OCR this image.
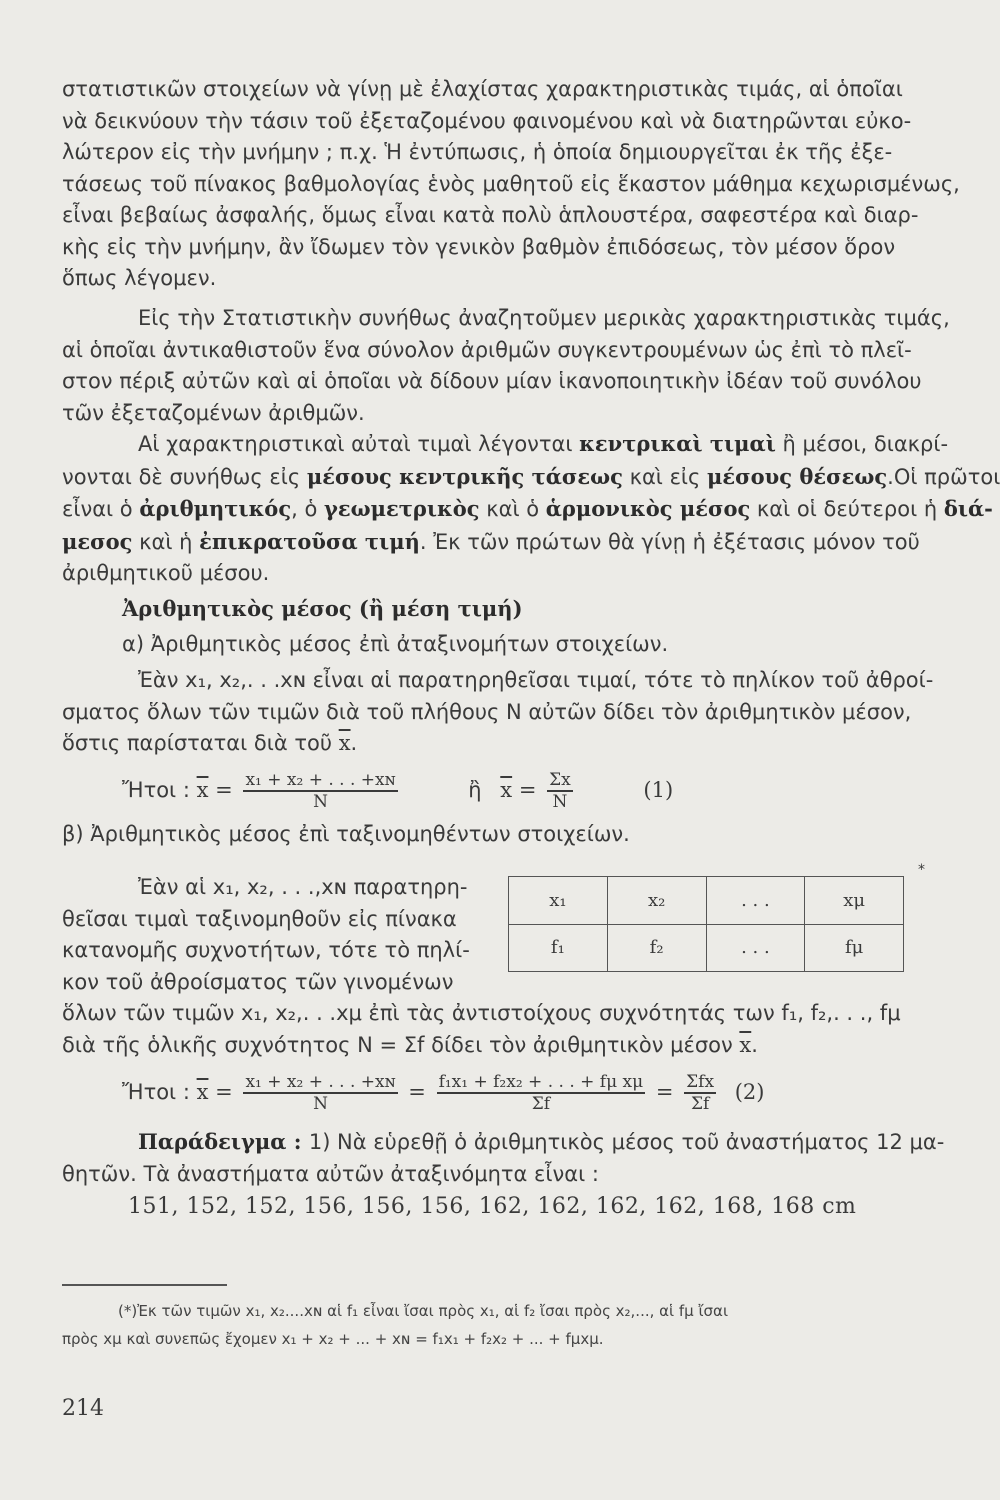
στατιστικῶν στοιχείων νὰ γίνῃ μὲ ἐλαχίστας χαρακτηριστικὰς τιμάς, αἱ ὁποῖαι
νὰ δεικνύουν τὴν τάσιν τοῦ ἐξεταζομένου φαινομένου καὶ νὰ διατηρῶνται εὐκο-
λώτερον εἰς τὴν μνήμην ; π.χ. Ἡ ἐντύπωσις, ἡ ὁποία δημιουργεῖται ἐκ τῆς ἐξε-
τάσεως τοῦ πίνακος βαθμολογίας ἑνὸς μαθητοῦ εἰς ἕκαστον μάθημα κεχωρισμένως,
εἶναι βεβαίως ἀσφαλής, ὅμως εἶναι κατὰ πολὺ ἁπλουστέρα, σαφεστέρα καὶ διαρ-
κὴς εἰς τὴν μνήμην, ἂν ἴδωμεν τὸν γενικὸν βαθμὸν ἐπιδόσεως, τὸν μέσον ὅρον
ὅπως λέγομεν.
Εἰς τὴν Στατιστικὴν συνήθως ἀναζητοῦμεν μερικὰς χαρακτηριστικὰς τιμάς,
αἱ ὁποῖαι ἀντικαθιστοῦν ἕνα σύνολον ἀριθμῶν συγκεντρουμένων ὡς ἐπὶ τὸ πλεῖ-
στον πέριξ αὐτῶν καὶ αἱ ὁποῖαι νὰ δίδουν μίαν ἱκανοποιητικὴν ἰδέαν τοῦ συνόλου
τῶν ἐξεταζομένων ἀριθμῶν.
Αἱ χαρακτηριστικαὶ αὐταὶ τιμαὶ λέγονται κεντρικαὶ τιμαὶ ἢ μέσοι, διακρί-
νονται δὲ συνήθως εἰς μέσους κεντρικῆς τάσεως καὶ εἰς μέσους θέσεως.Οἱ πρῶτοι
εἶναι ὁ ἀριθμητικός, ὁ γεωμετρικὸς καὶ ὁ ἁρμονικὸς μέσος καὶ οἱ δεύτεροι ἡ διά-
μεσος καὶ ἡ ἐπικρατοῦσα τιμή. Ἐκ τῶν πρώτων θὰ γίνῃ ἡ ἐξέτασις μόνον τοῦ
ἀριθμητικοῦ μέσου.
Ἀριθμητικὸς μέσος (ἢ μέση τιμή)
α) Ἀριθμητικὸς μέσος ἐπὶ ἀταξινομήτων στοιχείων.
Ἐὰν x₁, x₂,. . .xɴ εἶναι αἱ παρατηρηθεῖσαι τιμαί, τότε τὸ πηλίκον τοῦ ἀθροί-
σματος ὅλων τῶν τιμῶν διὰ τοῦ πλήθους N αὐτῶν δίδει τὸν ἀριθμητικὸν μέσον,
ὅστις παρίσταται διὰ τοῦ $\overline{x}$.
Ἤτοι : $\overline{x} = \frac{\text{x₁ + x₂ + . . . +xɴ}}{N}$	ἢ $\overline{x} = \frac{\Sigma x}{N}$	(1)
β) Ἀριθμητικὸς μέσος ἐπὶ ταξινομηθέντων στοιχείων.
Ἐὰν αἱ x₁, x₂, . . .,xɴ παρατηρη-
θεῖσαι τιμαὶ ταξινομηθοῦν εἰς πίνακα
κατανομῆς συχνοτήτων, τότε τὸ πηλί-
κον τοῦ ἀθροίσματος τῶν γινομένων
*
x₁	x₂	. . .	xμ
f₁	f₂	. . .	fμ
ὅλων τῶν τιμῶν x₁, x₂,. . .xμ ἐπὶ τὰς ἀντιστοίχους συχνότητάς των f₁, f₂,. . ., fμ
διὰ τῆς ὁλικῆς συχνότητος N = Σf δίδει τὸν ἀριθμητικὸν μέσον $\overline{x}$.
Ἤτοι : $\overline{x} = \frac{\text{x₁ + x₂ + . . . +xɴ}}{N} = \frac{\text{f₁x₁ + f₂x₂ + . . . + fμ xμ}}{\Sigma f} = \frac{\text{Σfx}}{\Sigma f} (2)$
Παράδειγμα : 1) Νὰ εὑρεθῇ ὁ ἀριθμητικὸς μέσος τοῦ ἀναστήματος 12 μα-
θητῶν. Τὰ ἀναστήματα αὐτῶν ἀταξινόμητα εἶναι :
151, 152, 152, 156, 156, 156, 162, 162, 162, 162, 168, 168 cm
(*)Ἐκ τῶν τιμῶν x₁, x₂....xɴ αἱ f₁ εἶναι ἴσαι πρὸς x₁, αἱ f₂ ἴσαι πρὸς x₂,..., αἱ fμ ἴσαι
πρὸς xμ καὶ συνεπῶς ἔχομεν x₁ + x₂ + ... + xɴ = f₁x₁ + f₂x₂ + ... + fμxμ.
214
